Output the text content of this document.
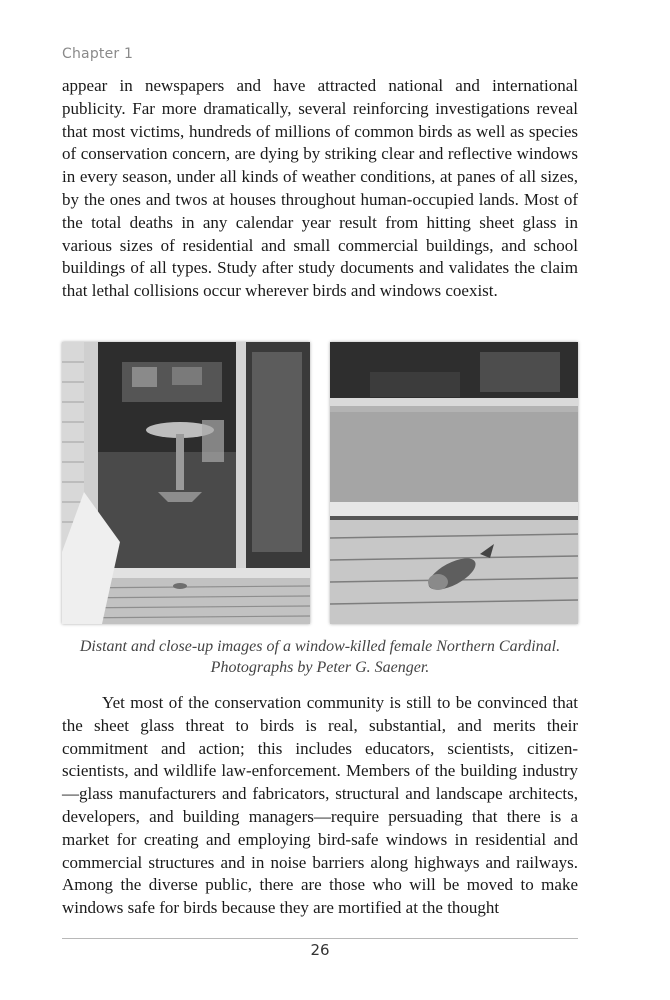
Chapter 1

appear in newspapers and have attracted national and international publicity. Far more dramatically, several reinforcing investigations reveal that most victims, hundreds of millions of common birds as well as species of conservation concern, are dying by striking clear and reflective windows in every season, under all kinds of weather conditions, at panes of all sizes, by the ones and twos at houses throughout human-occupied lands. Most of the total deaths in any calendar year result from hitting sheet glass in various sizes of residential and small commercial buildings, and school buildings of all types. Study after study documents and validates the claim that lethal collisions occur wherever birds and windows coexist.

Distant and close-up images of a window-killed female Northern Cardinal.
Photographs by Peter G. Saenger.

Yet most of the conservation community is still to be convinced that the sheet glass threat to birds is real, substantial, and merits their commitment and action; this includes educators, scientists, citizen-scientists, and wildlife law-enforcement. Members of the building industry—glass manufacturers and fabricators, structural and landscape architects, developers, and building managers—require persuading that there is a market for creating and employing bird-safe windows in residential and commercial structures and in noise barriers along highways and railways. Among the diverse public, there are those who will be moved to make windows safe for birds because they are mortified at the thought

26
